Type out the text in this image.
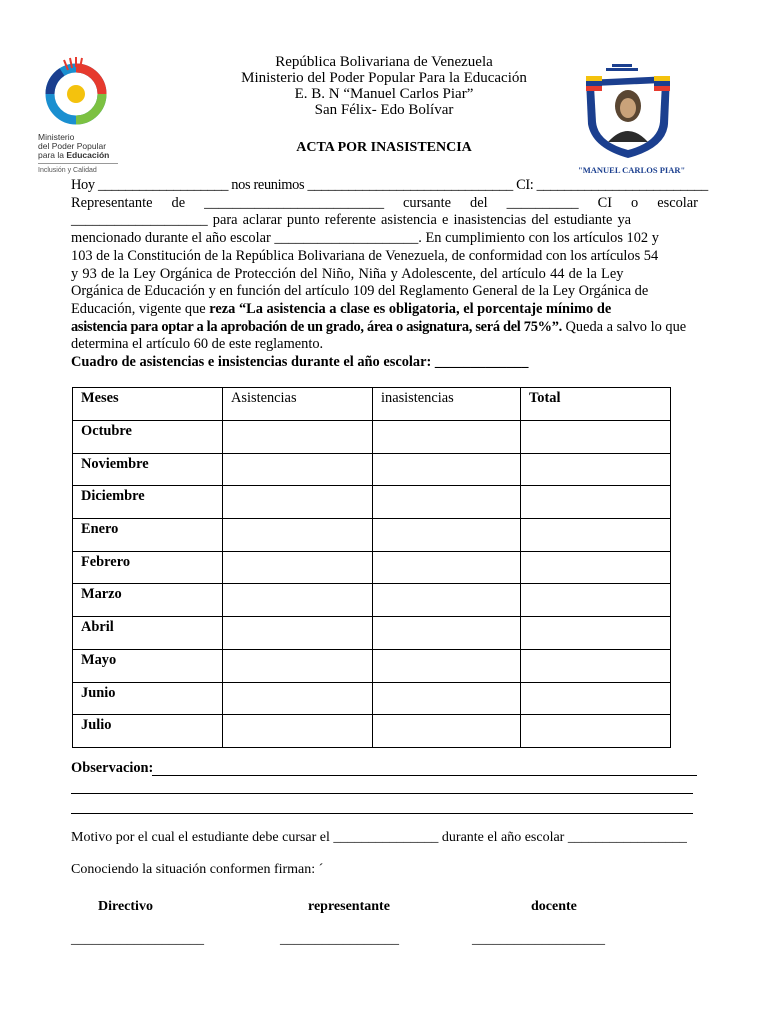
Ministerio
del Poder Popular
para la Educación
Inclusión y Calidad
República Bolivariana de Venezuela
Ministerio del Poder Popular Para la Educación
E. B. N “Manuel Carlos Piar”
San Félix- Edo Bolívar
ACTA POR INASISTENCIA
"MANUEL CARLOS PIAR"
Hoy ___________________ nos reunimos ______________________________ CI: _________________________
Representante de _________________________ cursante del __________ CI o escolar
___________________ para aclarar punto referente asistencia e inasistencias del estudiante ya
mencionado durante el año escolar ____________________. En cumplimiento con los artículos 102 y
103 de la Constitución de la República Bolivariana de Venezuela, de conformidad con los artículos 54
y 93 de la Ley Orgánica de Protección del Niño, Niña y Adolescente, del artículo 44 de la Ley
Orgánica de Educación y en función del artículo 109 del Reglamento General de la Ley Orgánica de
Educación, vigente que reza “La asistencia a clase es obligatoria, el porcentaje mínimo de
asistencia para optar a la aprobación de un grado, área o asignatura, será del 75%”. Queda a salvo lo que
determina el artículo 60 de este reglamento.
Cuadro de asistencias e insistencias durante el año escolar: _____________
Meses	Asistencias	inasistencias	Total
Octubre			
Noviembre			
Diciembre			
Enero			
Febrero			
Marzo			
Abril			
Mayo			
Junio			
Julio			
Observacion:
Motivo por el cual el estudiante debe cursar el _______________ durante el año escolar _________________
Conociendo la situación conformen firman: ´
Directivo	representante	docente
___________________	_________________	___________________
